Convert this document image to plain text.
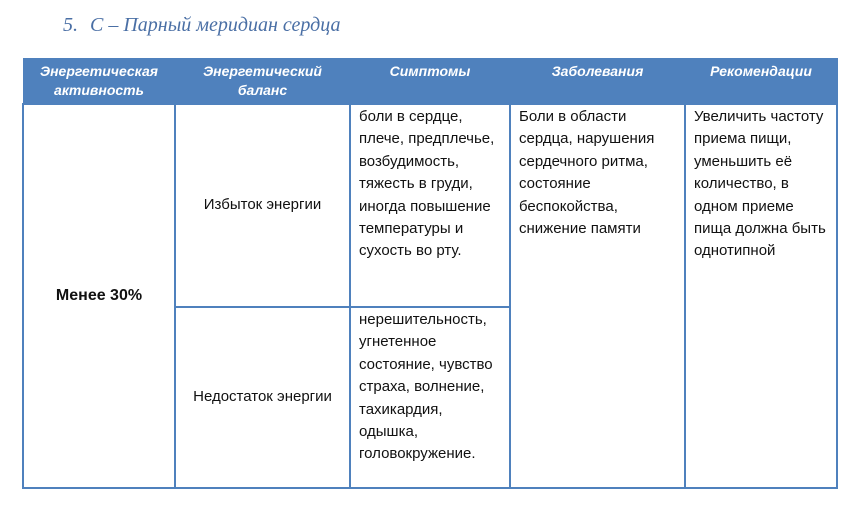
5. С – Парный меридиан сердца
Энергетическая активность	Энергетический баланс	Симптомы	Заболевания	Рекомендации
Менее 30%	Избыток энергии	боли в сердце, плече, предплечье, возбудимость, тяжесть в груди, иногда повышение температуры и сухость во рту.	Боли в области сердца, нарушения сердечного ритма, состояние беспокойства, снижение памяти	Увеличить частоту приема пищи, уменьшить её количество, в одном приеме пища должна быть однотипной
	Недостаток энергии	нерешительность, угнетенное состояние, чувство страха, волнение, тахикардия, одышка, головокружение.		
